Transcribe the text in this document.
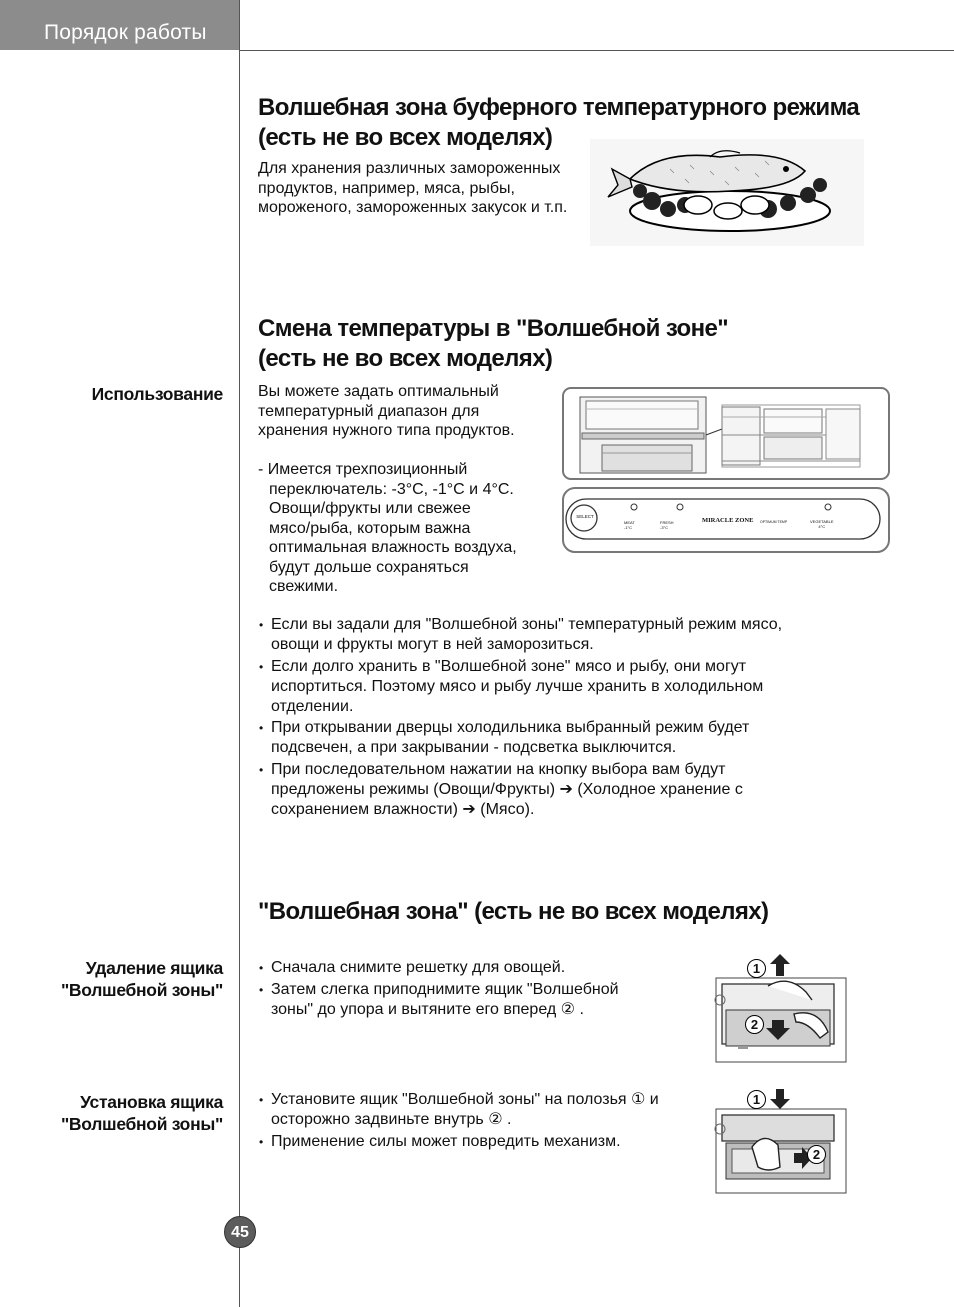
Порядок работы
Волшебная зона буферного температурного режима
(есть не во всех моделях)
Для хранения различных замороженных
продуктов, например, мяса, рыбы,
мороженого, замороженных закусок и т.п.
Смена температуры в "Волшебной зоне"
(есть не во всех моделях)
Использование Вы можете задать оптимальный
температурный диапазон для
хранения нужного типа продуктов.
- Имеется трехпозиционный
переключатель: -3°C, -1°C и 4°C.
Овощи/фрукты или свежее
мясо/рыба, которым важна
оптимальная влажность воздуха,
будут дольше сохраняться
свежими.
SELECT
MEAT
-1°C
FRESH
-3°C
MIRACLE ZONE OPTIMUM TEMP	VEGETABLE
4°C
• Если вы задали для "Волшебной зоны" температурный режим мясо,
овощи и фрукты могут в ней заморозиться.
• Если долго хранить в "Волшебной зоне" мясо и рыбу, они могут
испортиться. Поэтому мясо и рыбу лучше хранить в холодильном
отделении.
• При открывании дверцы холодильника выбранный режим будет
подсвечен, а при закрывании - подсветка выключится.
• При последовательном нажатии на кнопку выбора вам будут
предложены режимы (Овощи/Фрукты) ➔ (Холодное хранение с
сохранением влажности) ➔ (Мясо).
"Волшебная зона" (есть не во всех моделях)
Удаление ящика
"Волшебной зоны"
• Сначала снимите решетку для овощей.
• Затем слегка приподнимите ящик "Волшебной
зоны" до упора и вытяните его вперед ② .
1
2
Установка ящика
"Волшебной зоны"
• Установите ящик "Волшебной зоны" на полозья ① и
осторожно задвиньте внутрь ② .
• Применение силы может повредить механизм.
1
2
45
